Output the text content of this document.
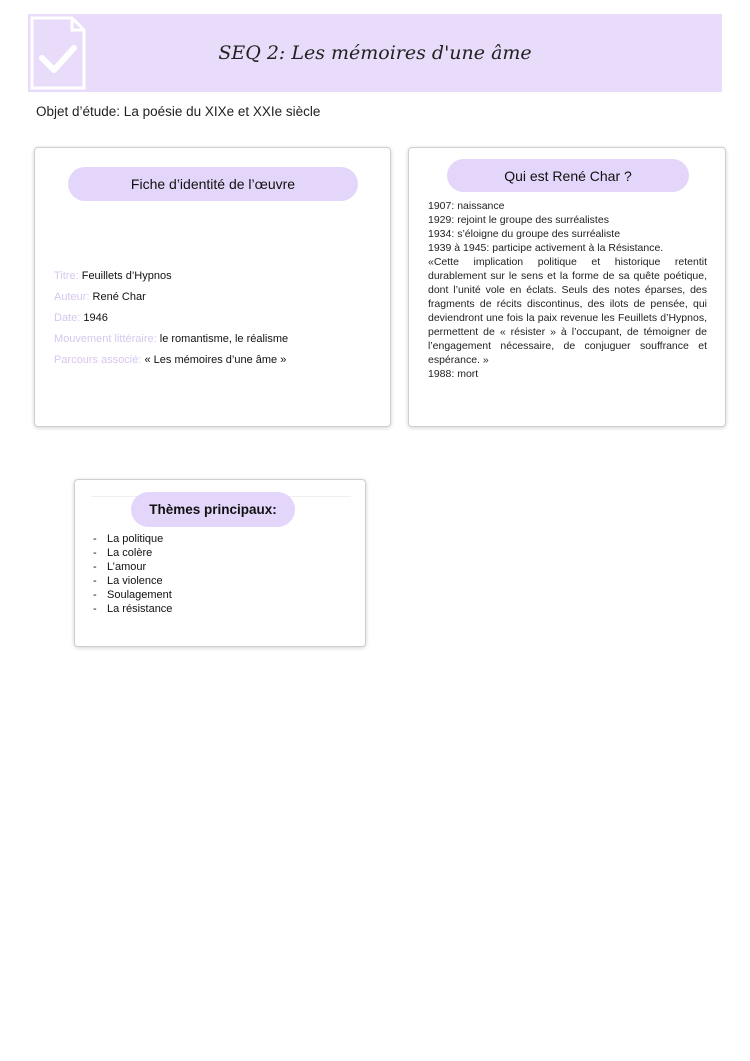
SEQ 2: Les mémoires d'une âme
Objet d’étude: La poésie du XIXe et XXIe siècle
Fiche d’identité de l’œuvre
Titre: Feuillets d’Hypnos
Auteur: René Char
Date: 1946
Mouvement littéraire: le romantisme, le réalisme
Parcours associé: « Les mémoires d’une âme »
Qui est René Char ?

1907: naissance

1929: rejoint le groupe des surréalistes

1934: s’éloigne du groupe des surréaliste

1939 à 1945: participe activement à la Résistance.

«Cette implication politique et historique retentit durablement sur le sens et la forme de sa quête poétique, dont l’unité vole en éclats. Seuls des notes éparses, des fragments de récits discontinus, des ilots de pensée, qui deviendront une fois la paix revenue les Feuillets d’Hypnos, permettent de « résister » à l’occupant, de témoigner de l’engagement nécessaire, de conjuguer souffrance et espérance. »

1988: mort

Thèmes principaux:
- La politique
- La colère
- L’amour
- La violence
- Soulagement
- La résistance
